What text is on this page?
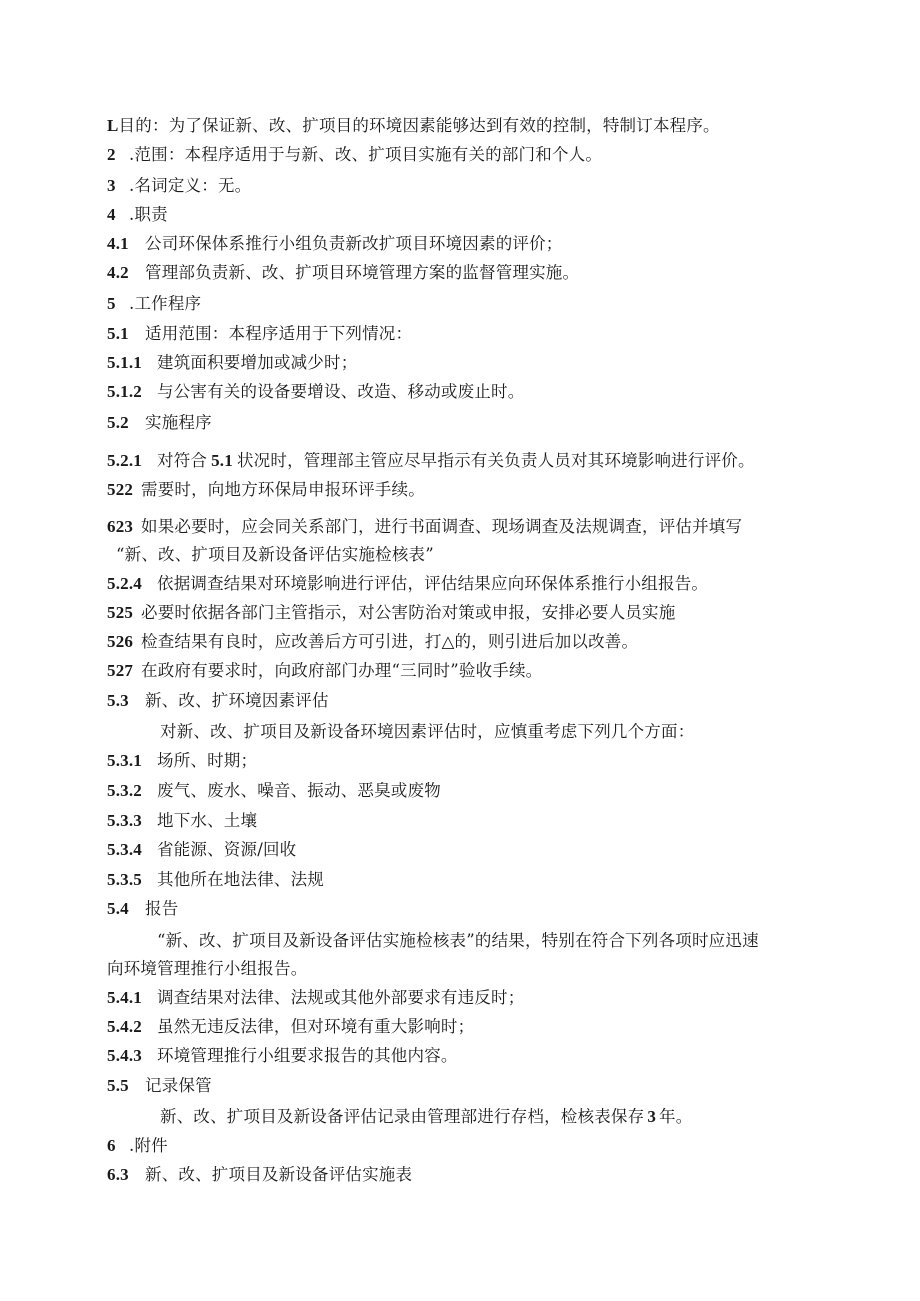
L目的：为了保证新、改、扩项目的环境因素能够达到有效的控制，特制订本程序。
2 .范围：本程序适用于与新、改、扩项目实施有关的部门和个人。
3 .名词定义：无。
4 .职责
4.1 公司环保体系推行小组负责新改扩项目环境因素的评价；
4.2 管理部负责新、改、扩项目环境管理方案的监督管理实施。
5 .工作程序
5.1 适用范围：本程序适用于下列情况：
5.1.1 建筑面积要增加或减少时；
5.1.2 与公害有关的设备要增设、改造、移动或废止时。
5.2 实施程序
5.2.1 对符合 5.1 状况时，管理部主管应尽早指示有关负责人员对其环境影响进行评价。
522 需要时，向地方环保局申报环评手续。
623 如果必要时，应会同关系部门，进行书面调查、现场调查及法规调查，评估并填写
“新、改、扩项目及新设备评估实施检核表”
5.2.4 依据调查结果对环境影响进行评估，评估结果应向环保体系推行小组报告。
525 必要时依据各部门主管指示，对公害防治对策或申报，安排必要人员实施
526 检查结果有良时，应改善后方可引进，打△的，则引进后加以改善。
527 在政府有要求时，向政府部门办理“三同时”验收手续。
5.3 新、改、扩环境因素评估
对新、改、扩项目及新设备环境因素评估时，应慎重考虑下列几个方面：
5.3.1 场所、时期；
5.3.2 废气、废水、噪音、振动、恶臭或废物
5.3.3 地下水、土壤
5.3.4 省能源、资源/回收
5.3.5 其他所在地法律、法规
5.4 报告
“新、改、扩项目及新设备评估实施检核表”的结果，特别在符合下列各项时应迅速
向环境管理推行小组报告。
5.4.1 调查结果对法律、法规或其他外部要求有违反时；
5.4.2 虽然无违反法律，但对环境有重大影响时；
5.4.3 环境管理推行小组要求报告的其他内容。
5.5 记录保管
新、改、扩项目及新设备评估记录由管理部进行存档，检核表保存 3 年。
6 .附件
6.3 新、改、扩项目及新设备评估实施表
